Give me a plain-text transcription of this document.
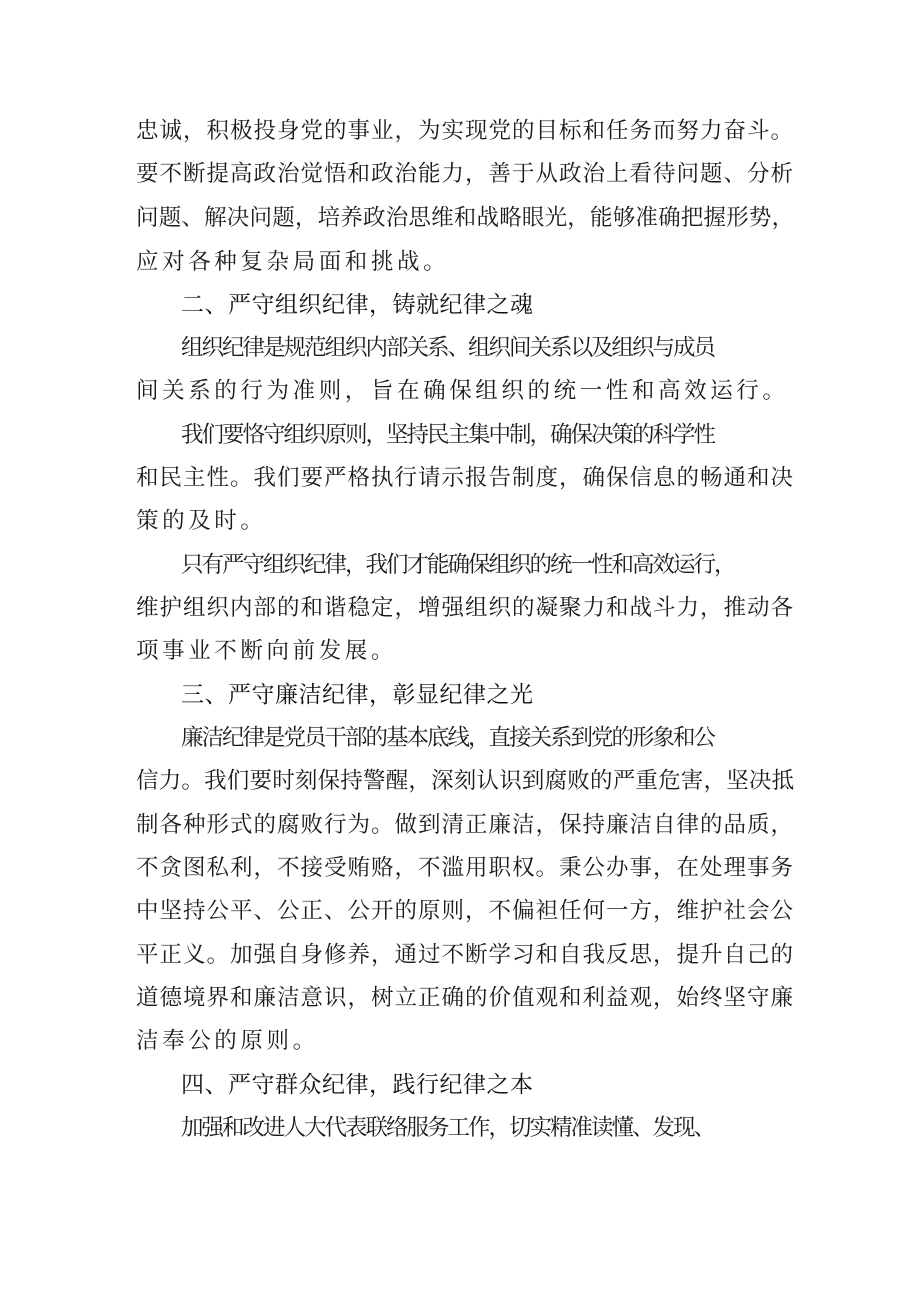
忠诚，积极投身党的事业，为实现党的目标和任务而努力奋斗。
要不断提高政治觉悟和政治能力，善于从政治上看待问题、分析
问题、解决问题，培养政治思维和战略眼光，能够准确把握形势，
应对各种复杂局面和挑战。
二、严守组织纪律，铸就纪律之魂
组织纪律是规范组织内部关系、组织间关系以及组织与成员
间关系的行为准则，旨在确保组织的统一性和高效运行。
我们要恪守组织原则，坚持民主集中制，确保决策的科学性
和民主性。我们要严格执行请示报告制度，确保信息的畅通和决
策的及时。
只有严守组织纪律，我们才能确保组织的统一性和高效运行，
维护组织内部的和谐稳定，增强组织的凝聚力和战斗力，推动各
项事业不断向前发展。
三、严守廉洁纪律，彰显纪律之光
廉洁纪律是党员干部的基本底线，直接关系到党的形象和公
信力。我们要时刻保持警醒，深刻认识到腐败的严重危害，坚决抵
制各种形式的腐败行为。做到清正廉洁，保持廉洁自律的品质，
不贪图私利，不接受贿赂，不滥用职权。秉公办事，在处理事务
中坚持公平、公正、公开的原则，不偏袒任何一方，维护社会公
平正义。加强自身修养，通过不断学习和自我反思，提升自己的
道德境界和廉洁意识，树立正确的价值观和利益观，始终坚守廉
洁奉公的原则。
四、严守群众纪律，践行纪律之本
加强和改进人大代表联络服务工作，切实精准读懂、发现、
